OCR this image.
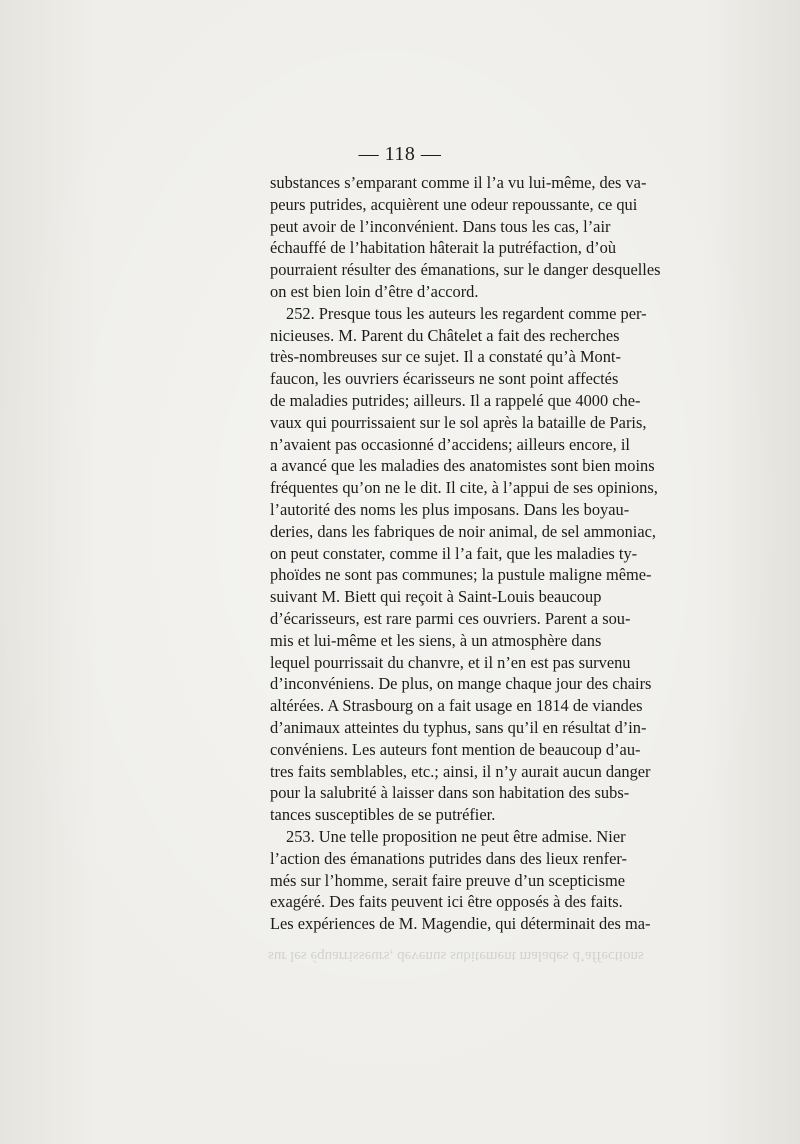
— 118 —
substances s’emparant comme il l’a vu lui-même, des va-
peurs putrides, acquièrent une odeur repoussante, ce qui
peut avoir de l’inconvénient. Dans tous les cas, l’air
échauffé de l’habitation hâterait la putréfaction, d’où
pourraient résulter des émanations, sur le danger desquelles
on est bien loin d’être d’accord.
252. Presque tous les auteurs les regardent comme per-
nicieuses. M. Parent du Châtelet a fait des recherches
très-nombreuses sur ce sujet. Il a constaté qu’à Mont-
faucon, les ouvriers écarisseurs ne sont point affectés
de maladies putrides; ailleurs. Il a rappelé que 4000 che-
vaux qui pourrissaient sur le sol après la bataille de Paris,
n’avaient pas occasionné d’accidens; ailleurs encore, il
a avancé que les maladies des anatomistes sont bien moins
fréquentes qu’on ne le dit. Il cite, à l’appui de ses opinions,
l’autorité des noms les plus imposans. Dans les boyau-
deries, dans les fabriques de noir animal, de sel ammoniac,
on peut constater, comme il l’a fait, que les maladies ty-
phoïdes ne sont pas communes; la pustule maligne même-
suivant M. Biett qui reçoit à Saint-Louis beaucoup
d’écarisseurs, est rare parmi ces ouvriers. Parent a sou-
mis et lui-même et les siens, à un atmosphère dans
lequel pourrissait du chanvre, et il n’en est pas survenu
d’inconvéniens. De plus, on mange chaque jour des chairs
altérées. A Strasbourg on a fait usage en 1814 de viandes
d’animaux atteintes du typhus, sans qu’il en résultat d’in-
convéniens. Les auteurs font mention de beaucoup d’au-
tres faits semblables, etc.; ainsi, il n’y aurait aucun danger
pour la salubrité à laisser dans son habitation des subs-
tances susceptibles de se putréfier.
253. Une telle proposition ne peut être admise. Nier
l’action des émanations putrides dans des lieux renfer-
més sur l’homme, serait faire preuve d’un scepticisme
exagéré. Des faits peuvent ici être opposés à des faits.
Les expériences de M. Magendie, qui déterminait des ma-
sur les équarrisseurs, devenus subitement malades d’affections
